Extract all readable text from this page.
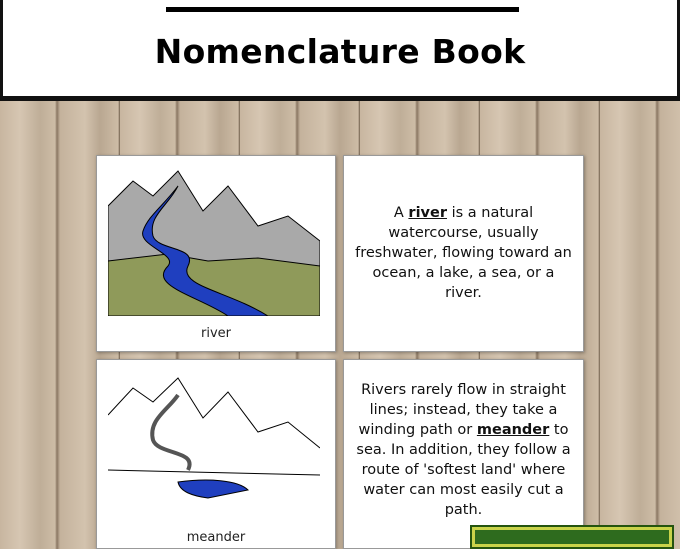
Nomenclature Book
river
A river is a natural watercourse, usually freshwater, flowing toward an ocean, a lake, a sea, or a river.
meander
Rivers rarely flow in straight lines; instead, they take a winding path or meander to sea. In addition, they follow a route of 'softest land' where water can most easily cut a path.
